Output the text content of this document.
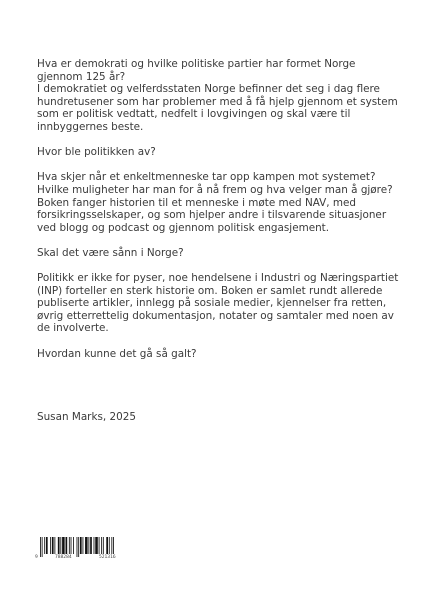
Hva er demokrati og hvilke politiske partier har formet Norge

gjennom 125 år?

I demokratiet og velferdsstaten Norge befinner det seg i dag flere

hundretusener som har problemer med å få hjelp gjennom et system

som er politisk vedtatt, nedfelt i lovgivingen og skal være til

innbyggernes beste.

Hvor ble politikken av?

Hva skjer når et enkeltmenneske tar opp kampen mot systemet?

Hvilke muligheter har man for å nå frem og hva velger man å gjøre?

Boken fanger historien til et menneske i møte med NAV, med

forsikringsselskaper, og som hjelper andre i tilsvarende situasjoner

ved blogg og podcast og gjennom politisk engasjement.

Skal det være sånn i Norge?

Politikk er ikke for pyser, noe hendelsene i Industri og Næringspartiet

(INP) forteller en sterk historie om. Boken er samlet rundt allerede

publiserte artikler, innlegg på sosiale medier, kjennelser fra retten,

øvrig etterrettelig dokumentasjon, notater og samtaler med noen av

de involverte.

Hvordan kunne det gå så galt?

Susan Marks, 2025

9	788284	521316
